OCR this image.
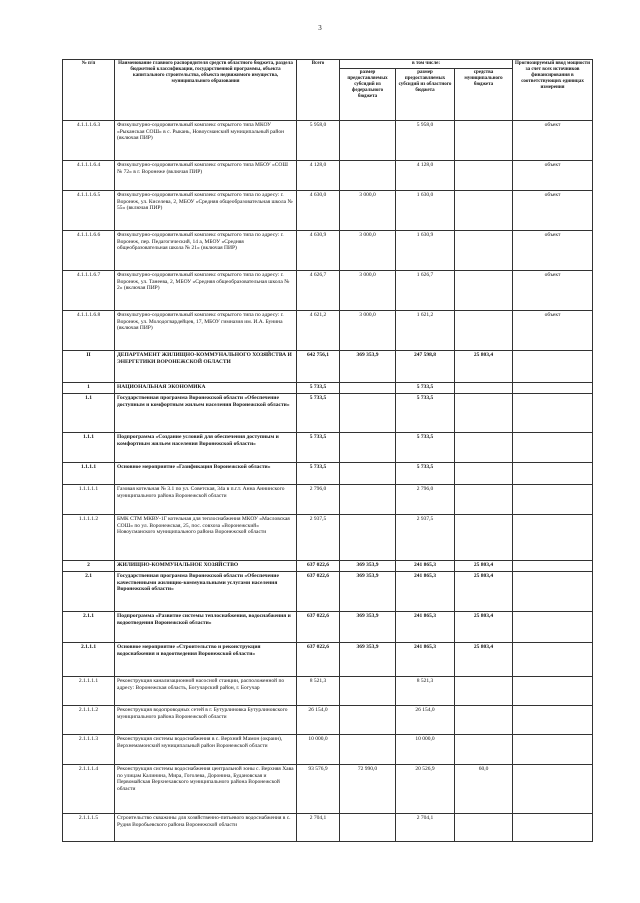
3
№ п/п	Наименование главного распорядителя средств областного бюджета, раздела бюджетной классификации, государственной программы, объекта капитального строительства, объекта недвижимого имущества, муниципального образования	Всего	в том числе:			Прогнозируемый ввод мощности за счет всех источников финансирования в соответствующих единицах измерения
			размер предоставляемых субсидий из федерального бюджета	размер предоставляемых субсидий из областного бюджета	средства муниципального бюджета	
4.1.1.1.6.3	Физкультурно-оздоровительный комплекс открытого типа МКОУ «Рыканская СОШ» в с. Рыкань, Новоусманский муниципальный район (включая ПИР)	5 958,0		5 958,0		объект
4.1.1.1.6.4	Физкультурно-оздоровительный комплекс открытого типа МБОУ «СОШ № 72» в г. Воронеже (включая ПИР)	4 128,0		4 128,0		объект
4.1.1.1.6.5	Физкультурно-оздоровительный комплекс открытого типа по адресу: г. Воронеж, ул. Киселева, 2, МБОУ «Средняя общеобразовательная школа № 55» (включая ПИР)	4 630,0	3 000,0	1 630,0		объект
4.1.1.1.6.6	Физкультурно-оздоровительный комплекс открытого типа по адресу: г. Воронеж, пер. Педагогический, 14 а, МБОУ «Средняя общеобразовательная школа № 21» (включая ПИР)	4 630,9	3 000,0	1 630,9		объект
4.1.1.1.6.7	Физкультурно-оздоровительный комплекс открытого типа по адресу: г. Воронеж, ул. Танеева, 2, МБОУ «Средняя общеобразовательная школа № 2» (включая ПИР)	4 626,7	3 000,0	1 626,7		объект
4.1.1.1.6.8	Физкультурно-оздоровительный комплекс открытого типа по адресу: г. Воронеж, ул. Молодогвардейцев, 17, МБОУ гимназия им. И.А. Бунина (включая ПИР)	4 621,2	3 000,0	1 621,2		объект
II	ДЕПАРТАМЕНТ ЖИЛИЩНО-КОММУНАЛЬНОГО ХОЗЯЙСТВА И ЭНЕРГЕТИКИ ВОРОНЕЖСКОЙ ОБЛАСТИ	642 756,1	369 353,9	247 598,8	25 803,4	
1	НАЦИОНАЛЬНАЯ ЭКОНОМИКА	5 733,5		5 733,5		
1.1	Государственная программа Воронежской области «Обеспечение доступным и комфортным жильем населения Воронежской области»	5 733,5		5 733,5		
1.1.1	Подпрограмма «Создание условий для обеспечения доступным и комфортным жильем населения Воронежской области»	5 733,5		5 733,5		
1.1.1.1	Основное мероприятие «Газификация Воронежской области»	5 733,5		5 733,5		
1.1.1.1.1	Газовая котельная № 3.1 по ул. Советская, 34а в п.г.т. Анна Аннинского муниципального района Воронежской области	2 796,0		2 796,0		
1.1.1.1.2	БМК СТМ МКВУ-1Г котельная для теплоснабжения МКОУ «Масловская СОШ» по ул. Воронежская, 25, пос. совхоза «Воронежский» Новоусманского муниципального района Воронежской области	2 937,5		2 937,5		
2	ЖИЛИЩНО-КОММУНАЛЬНОЕ ХОЗЯЙСТВО	637 022,6	369 353,9	241 865,3	25 803,4	
2.1	Государственная программа Воронежской области «Обеспечение качественными жилищно-коммунальными услугами населения Воронежской области»	637 022,6	369 353,9	241 865,3	25 803,4	
2.1.1	Подпрограмма «Развитие системы теплоснабжения, водоснабжения и водоотведения Воронежской области»	637 022,6	369 353,9	241 865,3	25 803,4	
2.1.1.1	Основное мероприятие «Строительство и реконструкция водоснабжения и водоотведения Воронежской области»	637 022,6	369 353,9	241 865,3	25 803,4	
2.1.1.1.1	Реконструкция канализационной насосной станции, расположенной по адресу: Воронежская область, Богучарский район, г. Богучар	8 521,3		8 521,3		
2.1.1.1.2	Реконструкция водопроводных сетей в г. Бутурлиновка Бутурлиновского муниципального района Воронежской области	26 154,0		26 154,0		
2.1.1.1.3	Реконструкция системы водоснабжения в с. Верхний Мамон (окраин), Верхнемамонский муниципальный район Воронежской области	10 000,0		10 000,0		
2.1.1.1.4	Реконструкция системы водоснабжения центральной зоны с. Верхняя Хава по улицам Калинина, Мира, Гоголева, Доронина, Будановская и Первомайская Верхнехавского муниципального района Воронежской области	93 576,9	72 990,0	20 526,9	60,0	
2.1.1.1.5	Строительство скважины для хозяйственно-питьевого водоснабжения в с. Рудня Воробьевского района Воронежской области	2 704,1		2 704,1		
